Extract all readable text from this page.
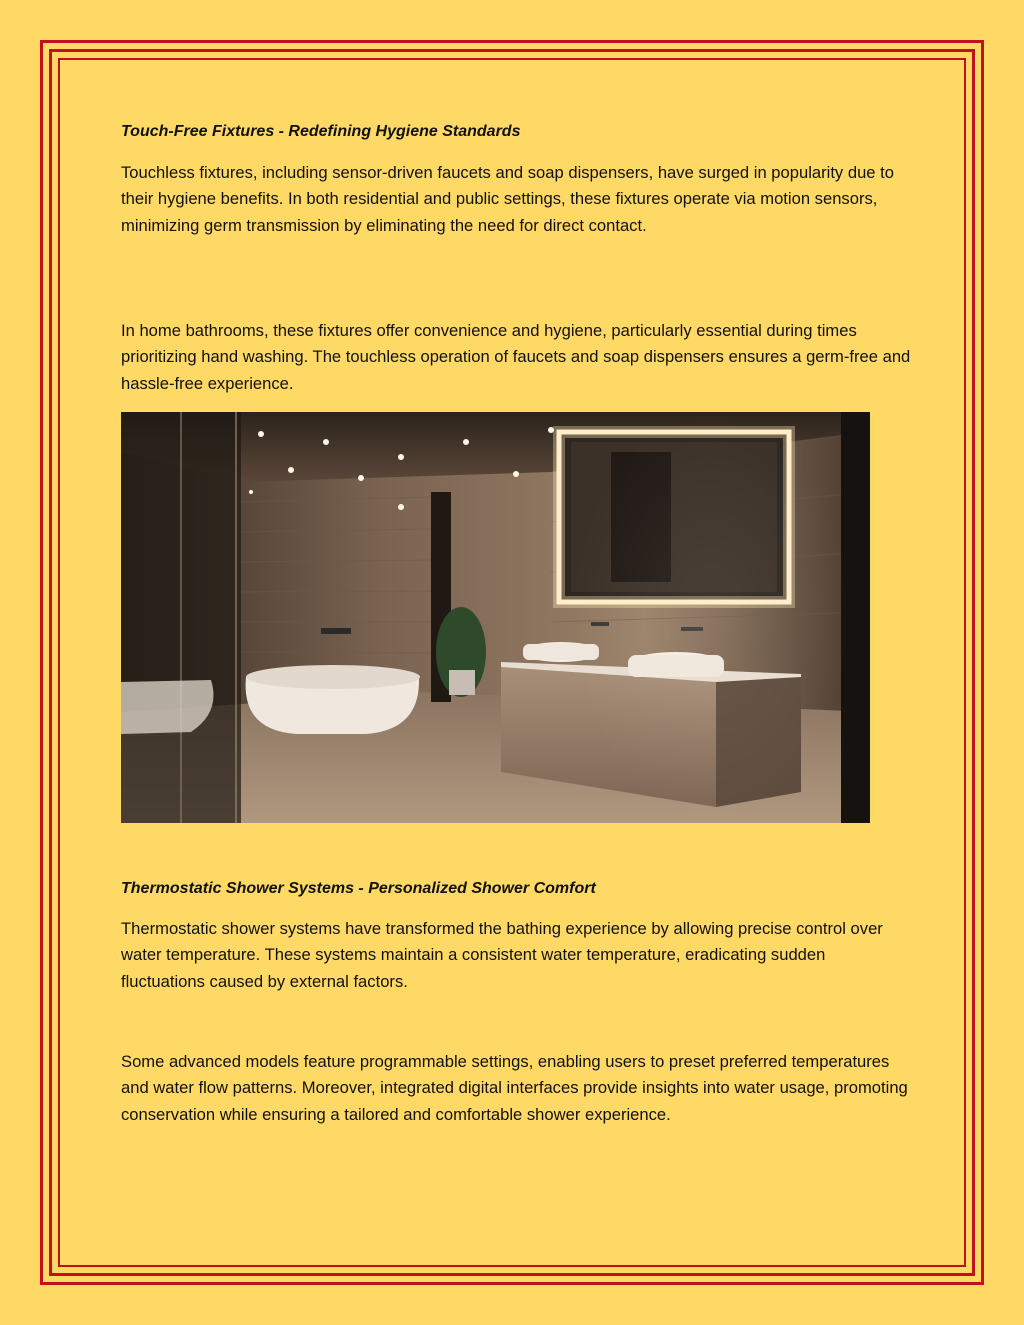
Touch-Free Fixtures - Redefining Hygiene Standards

Touchless fixtures, including sensor-driven faucets and soap dispensers, have surged in popularity due to their hygiene benefits. In both residential and public settings, these fixtures operate via motion sensors, minimizing germ transmission by eliminating the need for direct contact.

In home bathrooms, these fixtures offer convenience and hygiene, particularly essential during times prioritizing hand washing. The touchless operation of faucets and soap dispensers ensures a germ-free and hassle-free experience.

Thermostatic Shower Systems - Personalized Shower Comfort

Thermostatic shower systems have transformed the bathing experience by allowing precise control over water temperature. These systems maintain a consistent water temperature, eradicating sudden fluctuations caused by external factors.

Some advanced models feature programmable settings, enabling users to preset preferred temperatures and water flow patterns. Moreover, integrated digital interfaces provide insights into water usage, promoting conservation while ensuring a tailored and comfortable shower experience.
